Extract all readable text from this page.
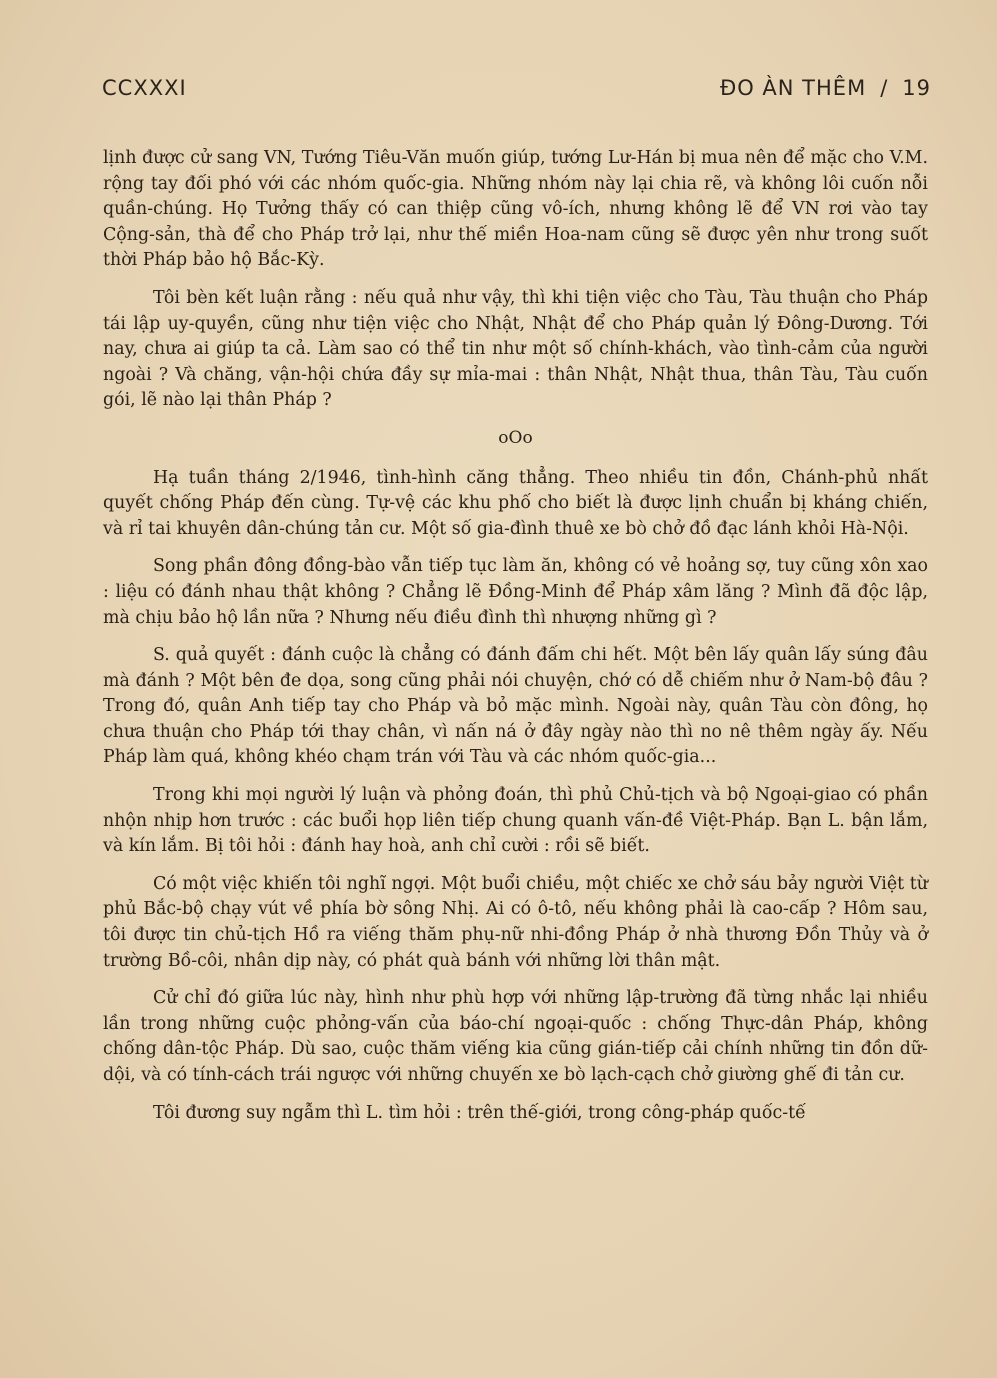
CCXXXI	ĐO ÀN THÊM / 19

lịnh được cử sang VN, Tướng Tiêu-Văn muốn giúp, tướng Lư-Hán bị mua nên để mặc cho V.M. rộng tay đối phó với các nhóm quốc-gia. Những nhóm này lại chia rẽ, và không lôi cuốn nỗi quần-chúng. Họ Tưởng thấy có can thiệp cũng vô-ích, nhưng không lẽ để VN rơi vào tay Cộng-sản, thà để cho Pháp trở lại, như thế miền Hoa-nam cũng sẽ được yên như trong suốt thời Pháp bảo hộ Bắc-Kỳ.

Tôi bèn kết luận rằng : nếu quả như vậy, thì khi tiện việc cho Tàu, Tàu thuận cho Pháp tái lập uy-quyền, cũng như tiện việc cho Nhật, Nhật để cho Pháp quản lý Đông-Dương. Tới nay, chưa ai giúp ta cả. Làm sao có thể tin như một số chính-khách, vào tình-cảm của người ngoài ? Và chăng, vận-hội chứa đầy sự mỉa-mai : thân Nhật, Nhật thua, thân Tàu, Tàu cuốn gói, lẽ nào lại thân Pháp ?

oOo

Hạ tuần tháng 2/1946, tình-hình căng thẳng. Theo nhiều tin đồn, Chánh-phủ nhất quyết chống Pháp đến cùng. Tự-vệ các khu phố cho biết là được lịnh chuẩn bị kháng chiến, và rỉ tai khuyên dân-chúng tản cư. Một số gia-đình thuê xe bò chở đồ đạc lánh khỏi Hà-Nội.

Song phần đông đồng-bào vẫn tiếp tục làm ăn, không có vẻ hoảng sợ, tuy cũng xôn xao : liệu có đánh nhau thật không ? Chẳng lẽ Đồng-Minh để Pháp xâm lăng ? Mình đã độc lập, mà chịu bảo hộ lần nữa ? Nhưng nếu điều đình thì nhượng những gì ?

S. quả quyết : đánh cuộc là chẳng có đánh đấm chi hết. Một bên lấy quân lấy súng đâu mà đánh ? Một bên đe dọa, song cũng phải nói chuyện, chớ có dễ chiếm như ở Nam-bộ đâu ? Trong đó, quân Anh tiếp tay cho Pháp và bỏ mặc mình. Ngoài này, quân Tàu còn đông, họ chưa thuận cho Pháp tới thay chân, vì nấn ná ở đây ngày nào thì no nê thêm ngày ấy. Nếu Pháp làm quá, không khéo chạm trán với Tàu và các nhóm quốc-gia...

Trong khi mọi người lý luận và phỏng đoán, thì phủ Chủ-tịch và bộ Ngoại-giao có phần nhộn nhịp hơn trước : các buổi họp liên tiếp chung quanh vấn-đề Việt-Pháp. Bạn L. bận lắm, và kín lắm. Bị tôi hỏi : đánh hay hoà, anh chỉ cười : rồi sẽ biết.

Có một việc khiến tôi nghĩ ngợi. Một buổi chiều, một chiếc xe chở sáu bảy người Việt từ phủ Bắc-bộ chạy vút về phía bờ sông Nhị. Ai có ô-tô, nếu không phải là cao-cấp ? Hôm sau, tôi được tin chủ-tịch Hồ ra viếng thăm phụ-nữ nhi-đồng Pháp ở nhà thương Đồn Thủy và ở trường Bồ-côi, nhân dịp này, có phát quà bánh với những lời thân mật.

Cử chỉ đó giữa lúc này, hình như phù hợp với những lập-trường đã từng nhắc lại nhiều lần trong những cuộc phỏng-vấn của báo-chí ngoại-quốc : chống Thực-dân Pháp, không chống dân-tộc Pháp. Dù sao, cuộc thăm viếng kia cũng gián-tiếp cải chính những tin đồn dữ-dội, và có tính-cách trái ngược với những chuyến xe bò lạch-cạch chở giường ghế đi tản cư.

Tôi đương suy ngẫm thì L. tìm hỏi : trên thế-giới, trong công-pháp quốc-tế
